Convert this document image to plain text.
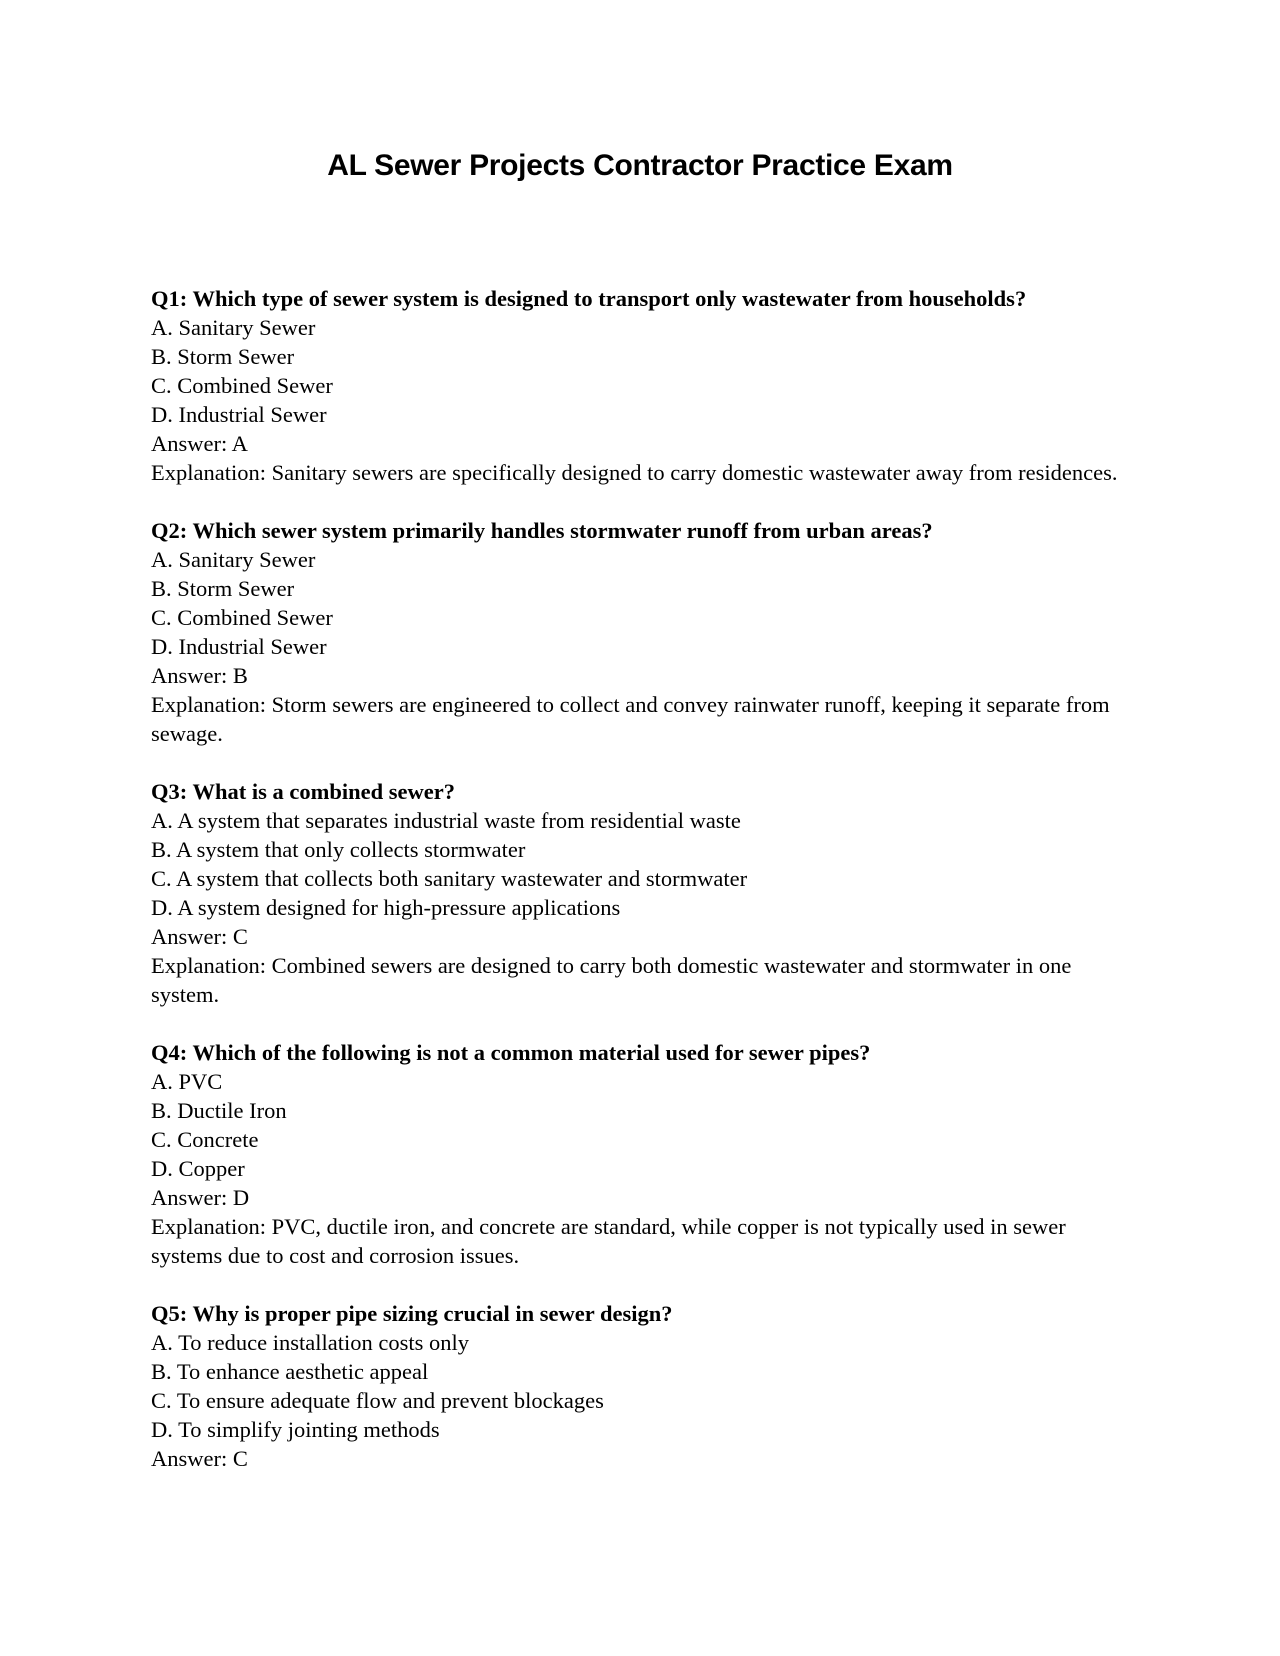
AL Sewer Projects Contractor Practice Exam

Q1: Which type of sewer system is designed to transport only wastewater from households?

A. Sanitary Sewer

B. Storm Sewer

C. Combined Sewer

D. Industrial Sewer

Answer: A

Explanation: Sanitary sewers are specifically designed to carry domestic wastewater away from residences.

Q2: Which sewer system primarily handles stormwater runoff from urban areas?

A. Sanitary Sewer

B. Storm Sewer

C. Combined Sewer

D. Industrial Sewer

Answer: B

Explanation: Storm sewers are engineered to collect and convey rainwater runoff, keeping it separate from sewage.

Q3: What is a combined sewer?

A. A system that separates industrial waste from residential waste

B. A system that only collects stormwater

C. A system that collects both sanitary wastewater and stormwater

D. A system designed for high-pressure applications

Answer: C

Explanation: Combined sewers are designed to carry both domestic wastewater and stormwater in one system.

Q4: Which of the following is not a common material used for sewer pipes?

A. PVC

B. Ductile Iron

C. Concrete

D. Copper

Answer: D

Explanation: PVC, ductile iron, and concrete are standard, while copper is not typically used in sewer systems due to cost and corrosion issues.

Q5: Why is proper pipe sizing crucial in sewer design?

A. To reduce installation costs only

B. To enhance aesthetic appeal

C. To ensure adequate flow and prevent blockages

D. To simplify jointing methods

Answer: C
